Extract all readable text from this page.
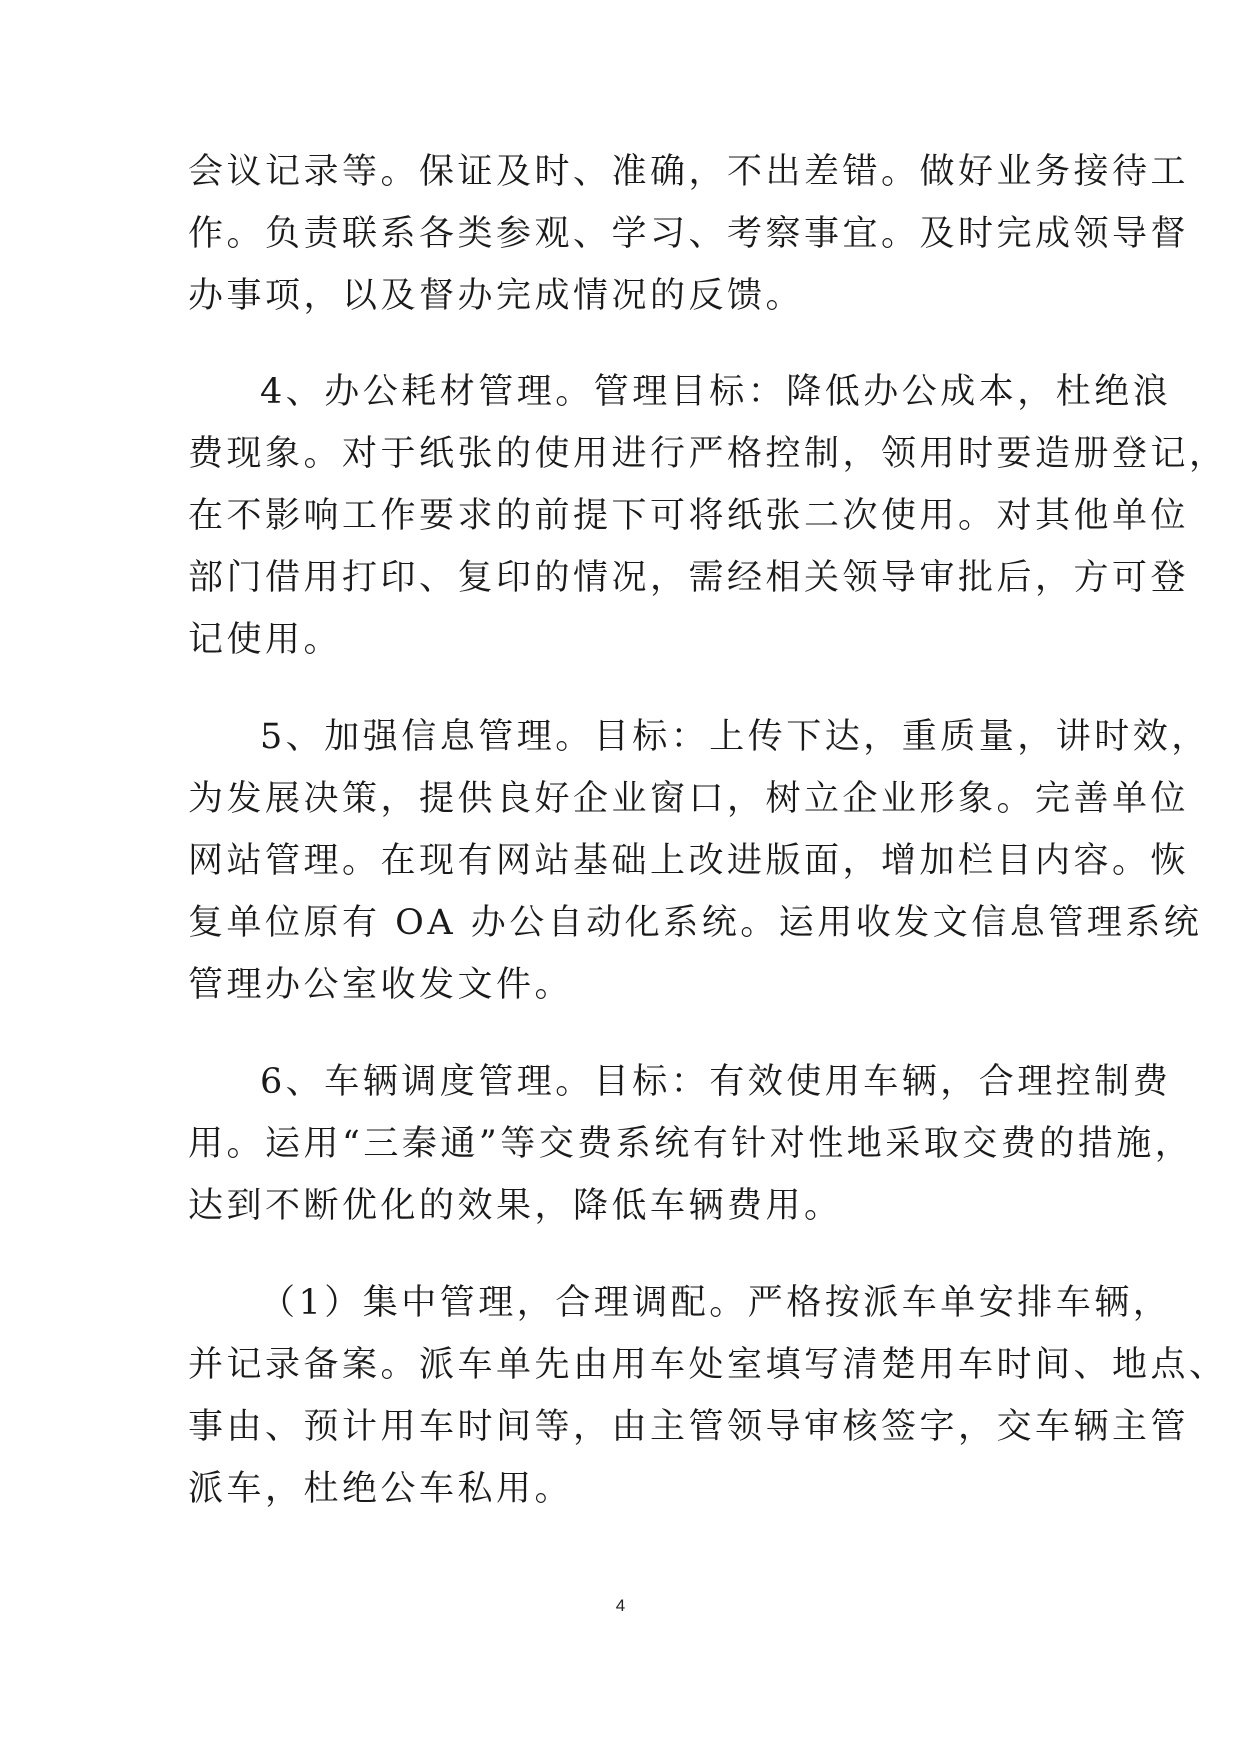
会议记录等。保证及时、准确，不出差错。做好业务接待工
作。负责联系各类参观、学习、考察事宜。及时完成领导督
办事项，以及督办完成情况的反馈。
4、办公耗材管理。管理目标：降低办公成本，杜绝浪
费现象。对于纸张的使用进行严格控制，领用时要造册登记，
在不影响工作要求的前提下可将纸张二次使用。对其他单位
部门借用打印、复印的情况，需经相关领导审批后，方可登
记使用。
5、加强信息管理。目标：上传下达，重质量，讲时效，
为发展决策，提供良好企业窗口，树立企业形象。完善单位
网站管理。在现有网站基础上改进版面，增加栏目内容。恢
复单位原有 OA 办公自动化系统。运用收发文信息管理系统
管理办公室收发文件。
6、车辆调度管理。目标：有效使用车辆，合理控制费
用。运用“三秦通”等交费系统有针对性地采取交费的措施，
达到不断优化的效果，降低车辆费用。
（1）集中管理，合理调配。严格按派车单安排车辆，
并记录备案。派车单先由用车处室填写清楚用车时间、地点、
事由、预计用车时间等，由主管领导审核签字，交车辆主管
派车，杜绝公车私用。
4
